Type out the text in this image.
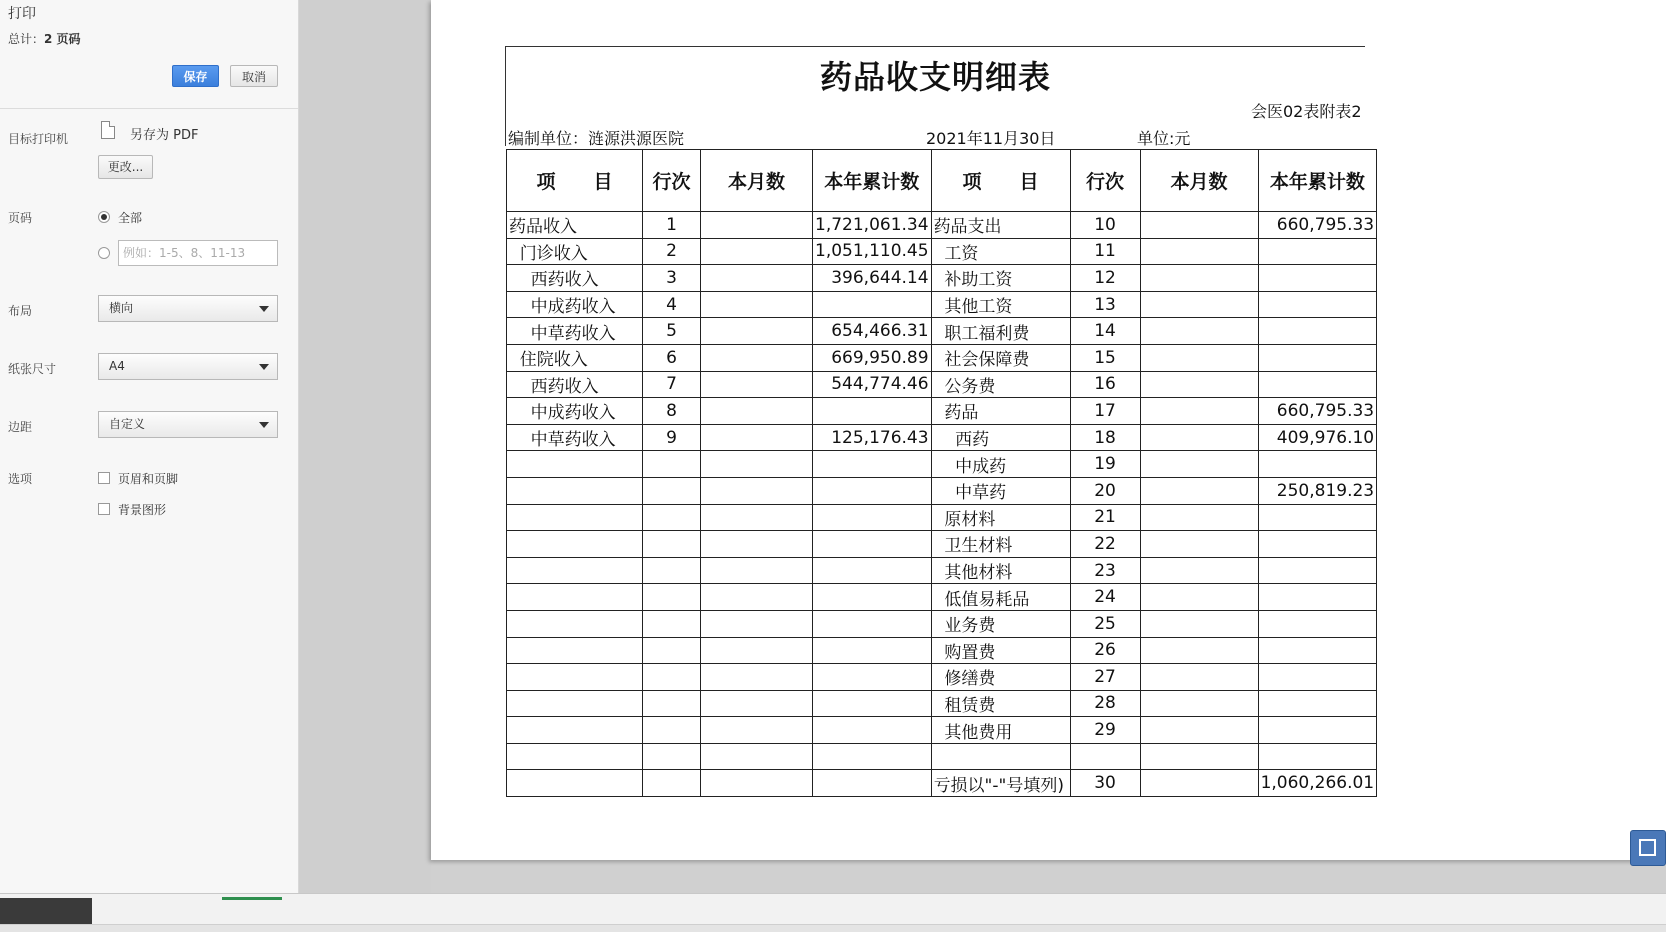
打印
总计：2 页码
保存	取消
目标打印机	另存为 PDF
更改...
页码	全部
例如：1-5、8、11-13
布局	横向
纸张尺寸	A4
边距	自定义
选项	页眉和页脚
背景图形
药品收支明细表
会医02表附表2
编制单位：涟源洪源医院	2021年11月30日	单位:元
项　　目	行次	本月数	本年累计数	项　　目	行次	本月数	本年累计数
药品收入	1		1,721,061.34	药品支出	10		660,795.33
门诊收入	2		1,051,110.45	工资	11		
西药收入	3		396,644.14	补助工资	12		
中成药收入	4			其他工资	13		
中草药收入	5		654,466.31	职工福利费	14		
住院收入	6		669,950.89	社会保障费	15		
西药收入	7		544,774.46	公务费	16		
中成药收入	8			药品	17		660,795.33
中草药收入	9		125,176.43	西药	18		409,976.10
				中成药	19		
				中草药	20		250,819.23
				原材料	21		
				卫生材料	22		
				其他材料	23		
				低值易耗品	24		
				业务费	25		
				购置费	26		
				修缮费	27		
				租赁费	28		
				其他费用	29		

				亏损以"-"号填列)	30		1,060,266.01
